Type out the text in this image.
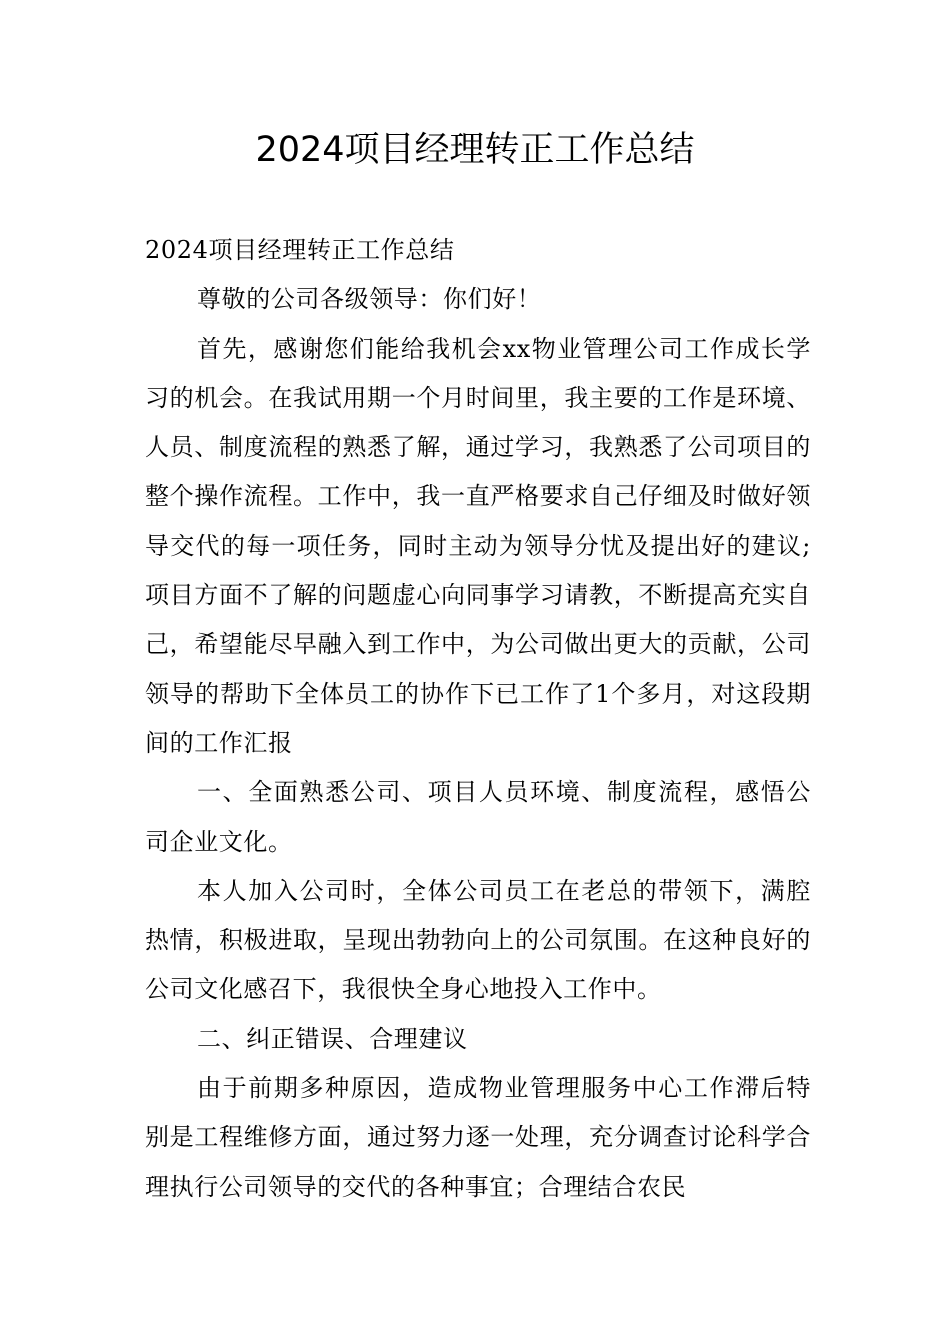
2024项目经理转正工作总结

2024项目经理转正工作总结

尊敬的公司各级领导：你们好！

首先，感谢您们能给我机会xx物业管理公司工作成长学习的机会。在我试用期一个月时间里，我主要的工作是环境、人员、制度流程的熟悉了解，通过学习，我熟悉了公司项目的整个操作流程。工作中，我一直严格要求自己仔细及时做好领导交代的每一项任务，同时主动为领导分忧及提出好的建议;项目方面不了解的问题虚心向同事学习请教，不断提高充实自己，希望能尽早融入到工作中，为公司做出更大的贡献，公司领导的帮助下全体员工的协作下已工作了1个多月，对这段期间的工作汇报

一、全面熟悉公司、项目人员环境、制度流程，感悟公司企业文化。

本人加入公司时，全体公司员工在老总的带领下，满腔热情，积极进取，呈现出勃勃向上的公司氛围。在这种良好的公司文化感召下，我很快全身心地投入工作中。

二、纠正错误、合理建议

由于前期多种原因，造成物业管理服务中心工作滞后特别是工程维修方面，通过努力逐一处理，充分调查讨论科学合理执行公司领导的交代的各种事宜；合理结合农民
